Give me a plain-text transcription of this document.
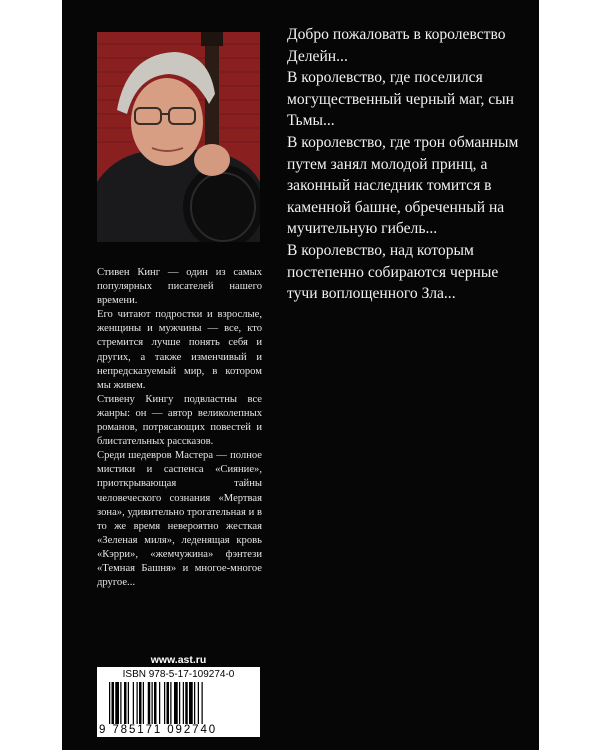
Стивен Кинг — один из самых популярных писателей нашего времени.

Его читают подростки и взрослые, женщины и мужчины — все, кто стремится лучше понять себя и других, а также изменчивый и непредсказуемый мир, в котором мы живем.

Стивену Кингу подвластны все жанры: он — автор великолепных романов, потрясающих повестей и блистательных рассказов.

Среди шедевров Мастера — полное мистики и саспенса «Сияние», приоткрывающая тайны человеческого сознания «Мертвая зона», удивительно трогательная и в то же время невероятно жесткая «Зеленая миля», леденящая кровь «Кэрри», «жемчужина» фэнтези «Темная Башня» и многое-многое другое...

Добро пожаловать в королевство Делейн...

В королевство, где поселился могущественный черный маг, сын Тьмы...

В королевство, где трон обманным путем занял молодой принц, а законный наследник томится в каменной башне, обреченный на мучительную гибель...

В королевство, над которым постепенно собираются черные тучи воплощенного Зла...

www.ast.ru
ISBN 978-5-17-109274-0
9 785171 092740
